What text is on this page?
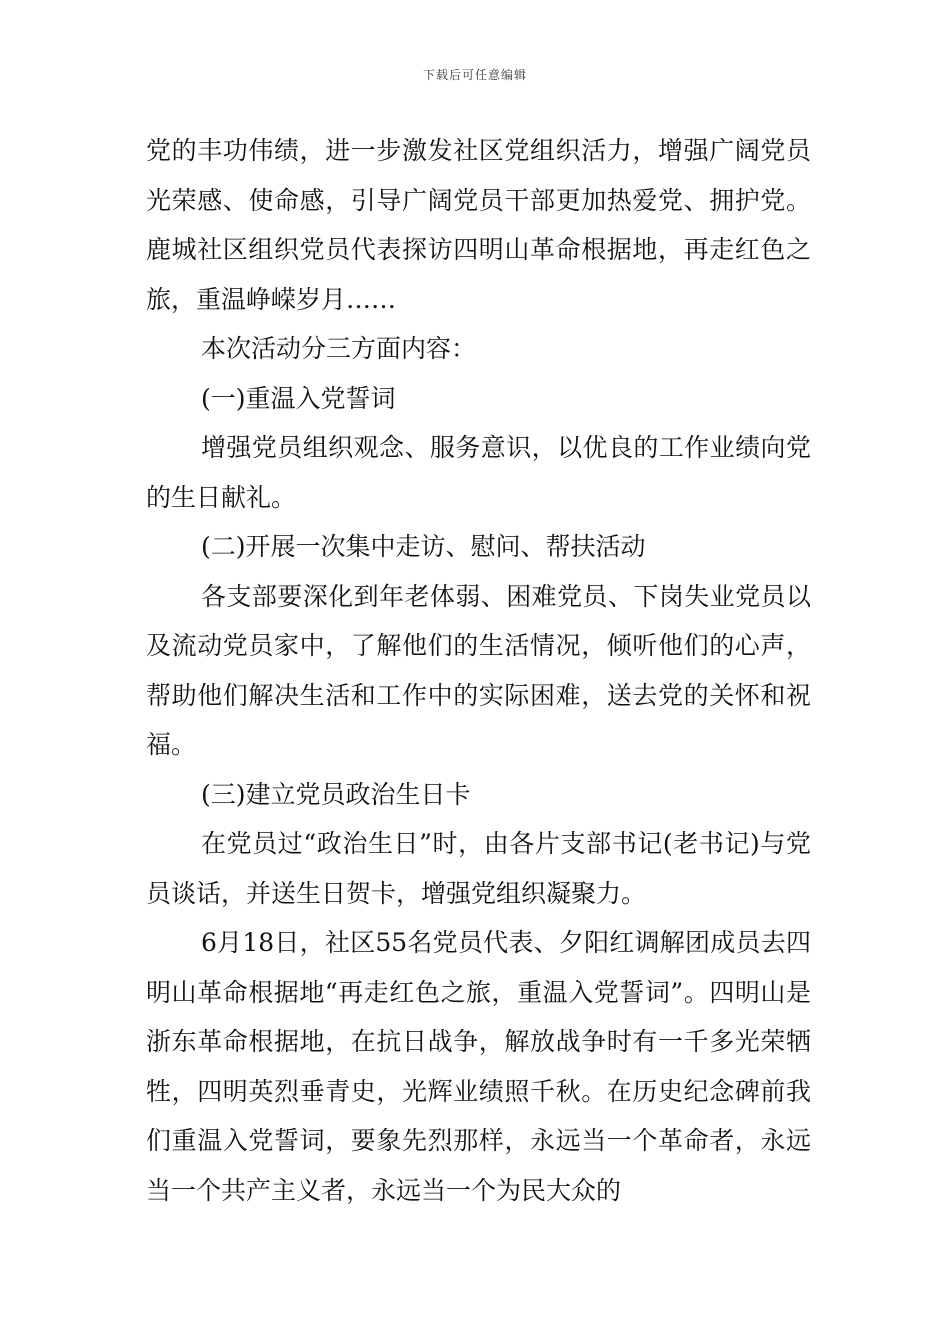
下载后可任意编辑

党的丰功伟绩，进一步激发社区党组织活力，增强广阔党员光荣感、使命感，引导广阔党员干部更加热爱党、拥护党。鹿城社区组织党员代表探访四明山革命根据地，再走红色之旅，重温峥嵘岁月……

本次活动分三方面内容：

(一)重温入党誓词

增强党员组织观念、服务意识，以优良的工作业绩向党的生日献礼。

(二)开展一次集中走访、慰问、帮扶活动

各支部要深化到年老体弱、困难党员、下岗失业党员以及流动党员家中，了解他们的生活情况，倾听他们的心声，帮助他们解决生活和工作中的实际困难，送去党的关怀和祝福。

(三)建立党员政治生日卡

在党员过“政治生日”时，由各片支部书记(老书记)与党员谈话，并送生日贺卡，增强党组织凝聚力。

6月18日，社区55名党员代表、夕阳红调解团成员去四明山革命根据地“再走红色之旅，重温入党誓词”。四明山是浙东革命根据地，在抗日战争，解放战争时有一千多光荣牺牲，四明英烈垂青史，光辉业绩照千秋。在历史纪念碑前我们重温入党誓词，要象先烈那样，永远当一个革命者，永远当一个共产主义者，永远当一个为民大众的
